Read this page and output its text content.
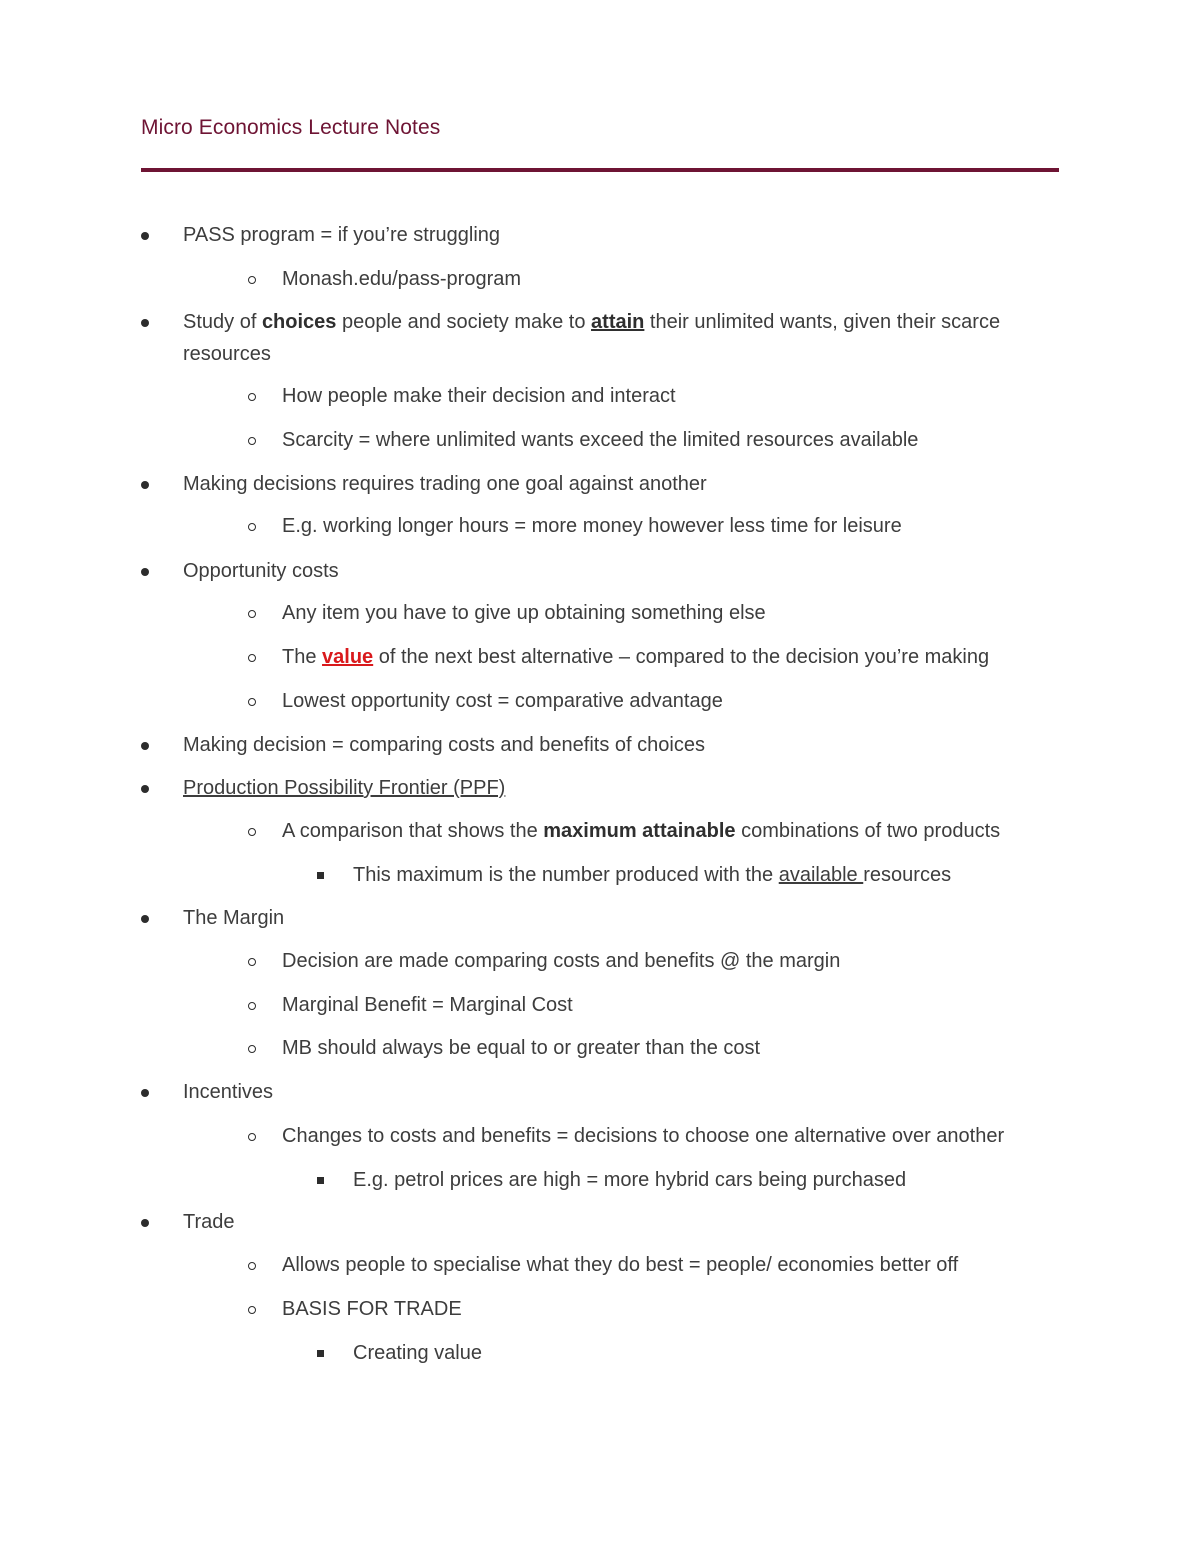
Micro Economics Lecture Notes
PASS program = if you’re struggling
Monash.edu/pass-program
Study of choices people and society make to attain their unlimited wants, given their scarce
resources
How people make their decision and interact
Scarcity = where unlimited wants exceed the limited resources available
Making decisions requires trading one goal against another
E.g. working longer hours = more money however less time for leisure
Opportunity costs
Any item you have to give up obtaining something else
The value of the next best alternative – compared to the decision you’re making
Lowest opportunity cost = comparative advantage
Making decision = comparing costs and benefits of choices
Production Possibility Frontier (PPF)
A comparison that shows the maximum attainable combinations of two products
This maximum is the number produced with the available resources
The Margin
Decision are made comparing costs and benefits @ the margin
Marginal Benefit = Marginal Cost
MB should always be equal to or greater than the cost
Incentives
Changes to costs and benefits = decisions to choose one alternative over another
E.g. petrol prices are high = more hybrid cars being purchased
Trade
Allows people to specialise what they do best = people/ economies better off
BASIS FOR TRADE
Creating value
